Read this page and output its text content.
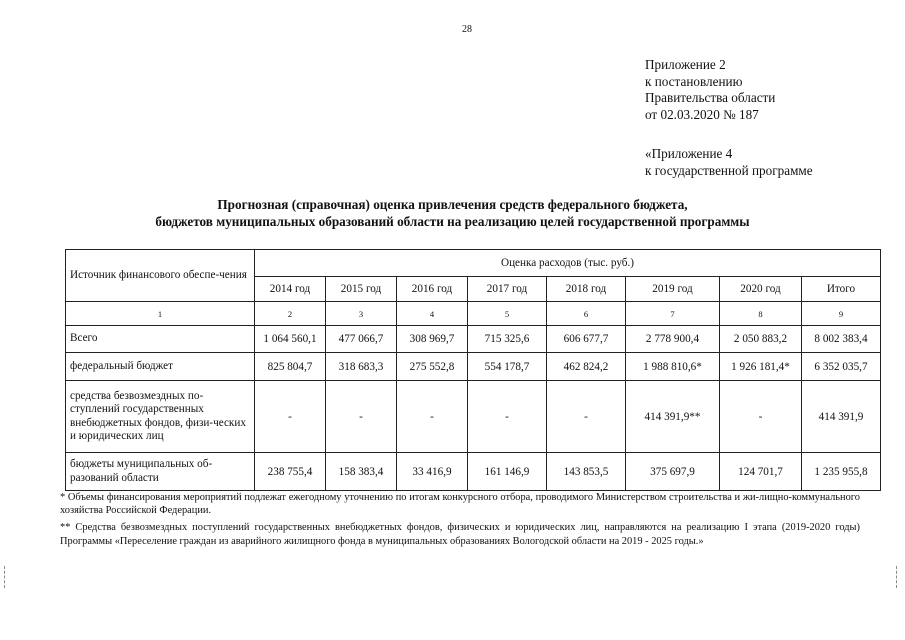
28
Приложение 2
к постановлению
Правительства области
от 02.03.2020 № 187
«Приложение 4
к государственной программе
Прогнозная (справочная) оценка привлечения средств федерального бюджета,
бюджетов муниципальных образований области на реализацию целей государственной программы
Источник финансового обеспе-чения	Оценка расходов (тыс. руб.)							
	2014 год	2015 год	2016 год	2017 год	2018 год	2019 год	2020 год	Итого
1	2	3	4	5	6	7	8	9
Всего	1 064 560,1	477 066,7	308 969,7	715 325,6	606 677,7	2 778 900,4	2 050 883,2	8 002 383,4
федеральный бюджет	825 804,7	318 683,3	275 552,8	554 178,7	462 824,2	1 988 810,6*	1 926 181,4*	6 352 035,7
средства безвозмездных по-ступлений государственных внебюджетных фондов, физи-ческих и юридических лиц	-	-	-	-	-	414 391,9**	-	414 391,9
бюджеты муниципальных об-разований области	238 755,4	158 383,4	33 416,9	161 146,9	143 853,5	375 697,9	124 701,7	1 235 955,8

* Объемы финансирования мероприятий подлежат ежегодному уточнению по итогам конкурсного отбора, проводимого Министерством строительства и жи-лищно-коммунального хозяйства Российской Федерации.

** Средства безвозмездных поступлений государственных внебюджетных фондов, физических и юридических лиц, направляются на реализацию I этапа (2019-2020 годы) Программы «Переселение граждан из аварийного жилищного фонда в муниципальных образованиях Вологодской области на 2019 - 2025 годы.»
